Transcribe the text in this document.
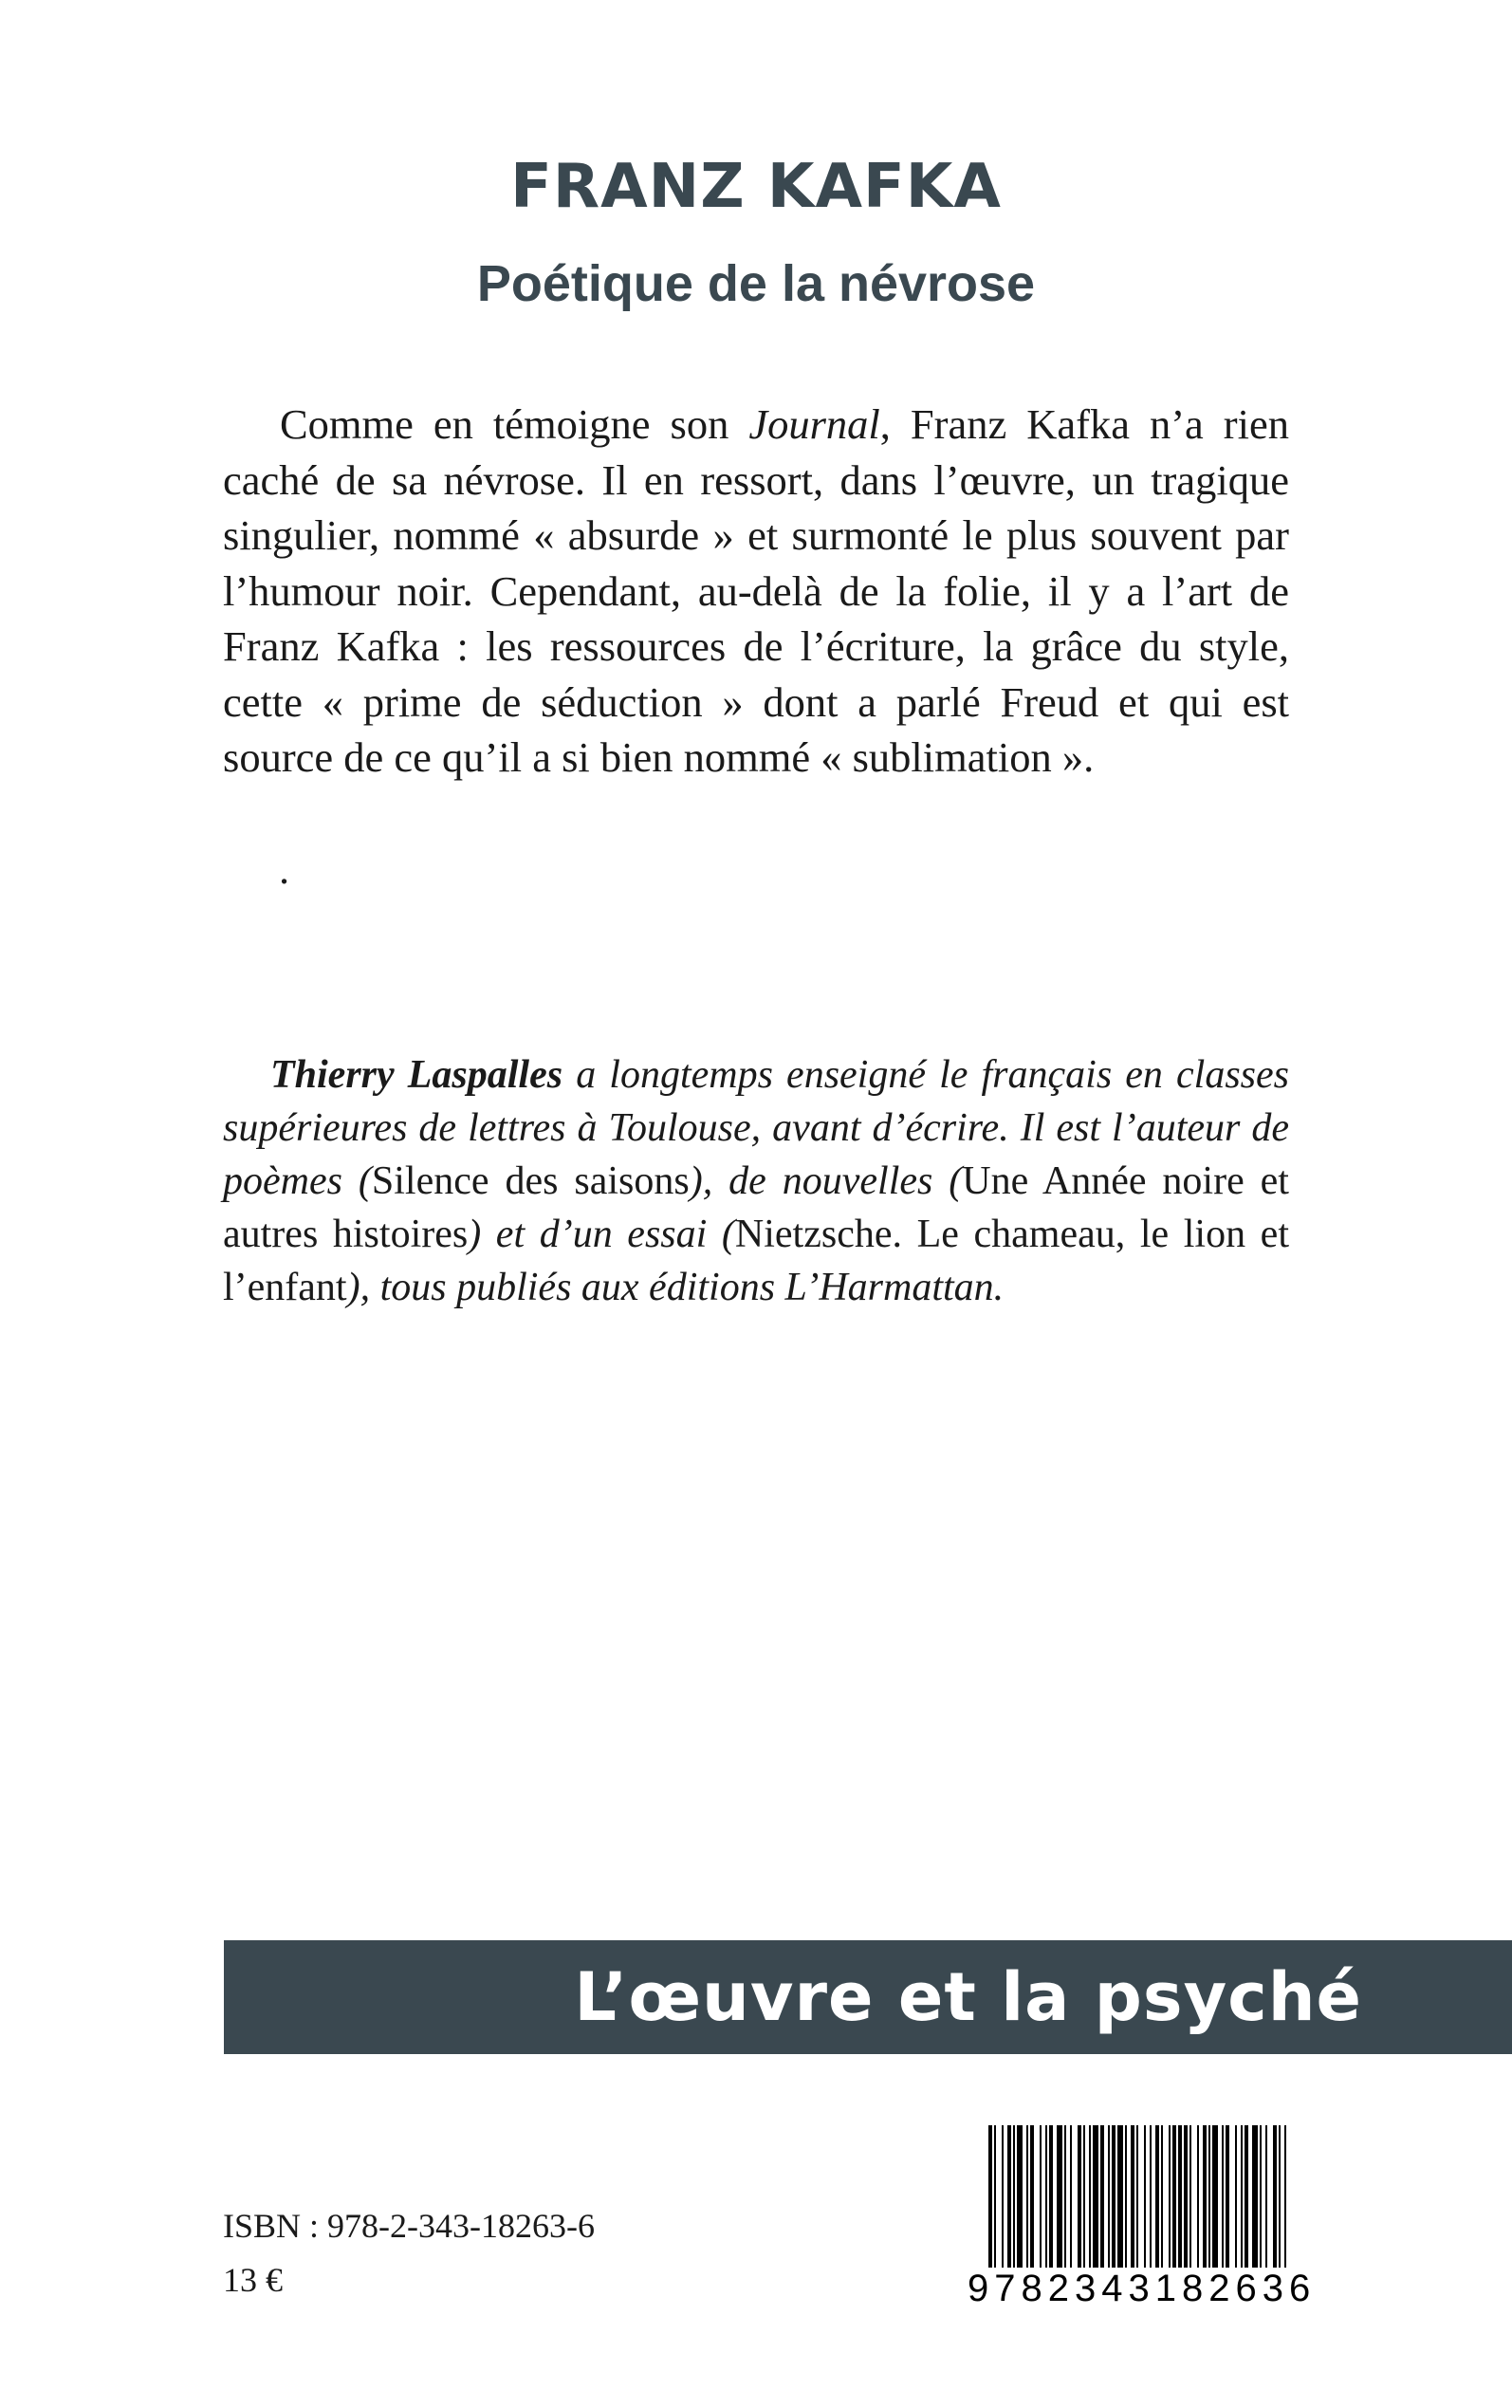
FRANZ KAFKA
Poétique de la névrose

Comme en témoigne son Journal, Franz Kafka n’a rien caché de sa névrose. Il en ressort, dans l’œuvre, un tragique singulier, nommé « absurde » et surmonté le plus souvent par l’humour noir. Cependant, au-delà de la folie, il y a l’art de Franz Kafka : les ressources de l’écriture, la grâce du style, cette « prime de séduction » dont a parlé Freud et qui est source de ce qu’il a si bien nommé « sublimation ».

.

Thierry Laspalles a longtemps enseigné le français en classes supérieures de lettres à Toulouse, avant d’écrire. Il est l’auteur de poèmes (Silence des saisons), de nouvelles (Une Année noire et autres histoires) et d’un essai (Nietzsche. Le chameau, le lion et l’enfant), tous publiés aux éditions L’Harmattan.

L’œuvre et la psyché

ISBN : 978-2-343-18263-6

13 €	9782343182636
